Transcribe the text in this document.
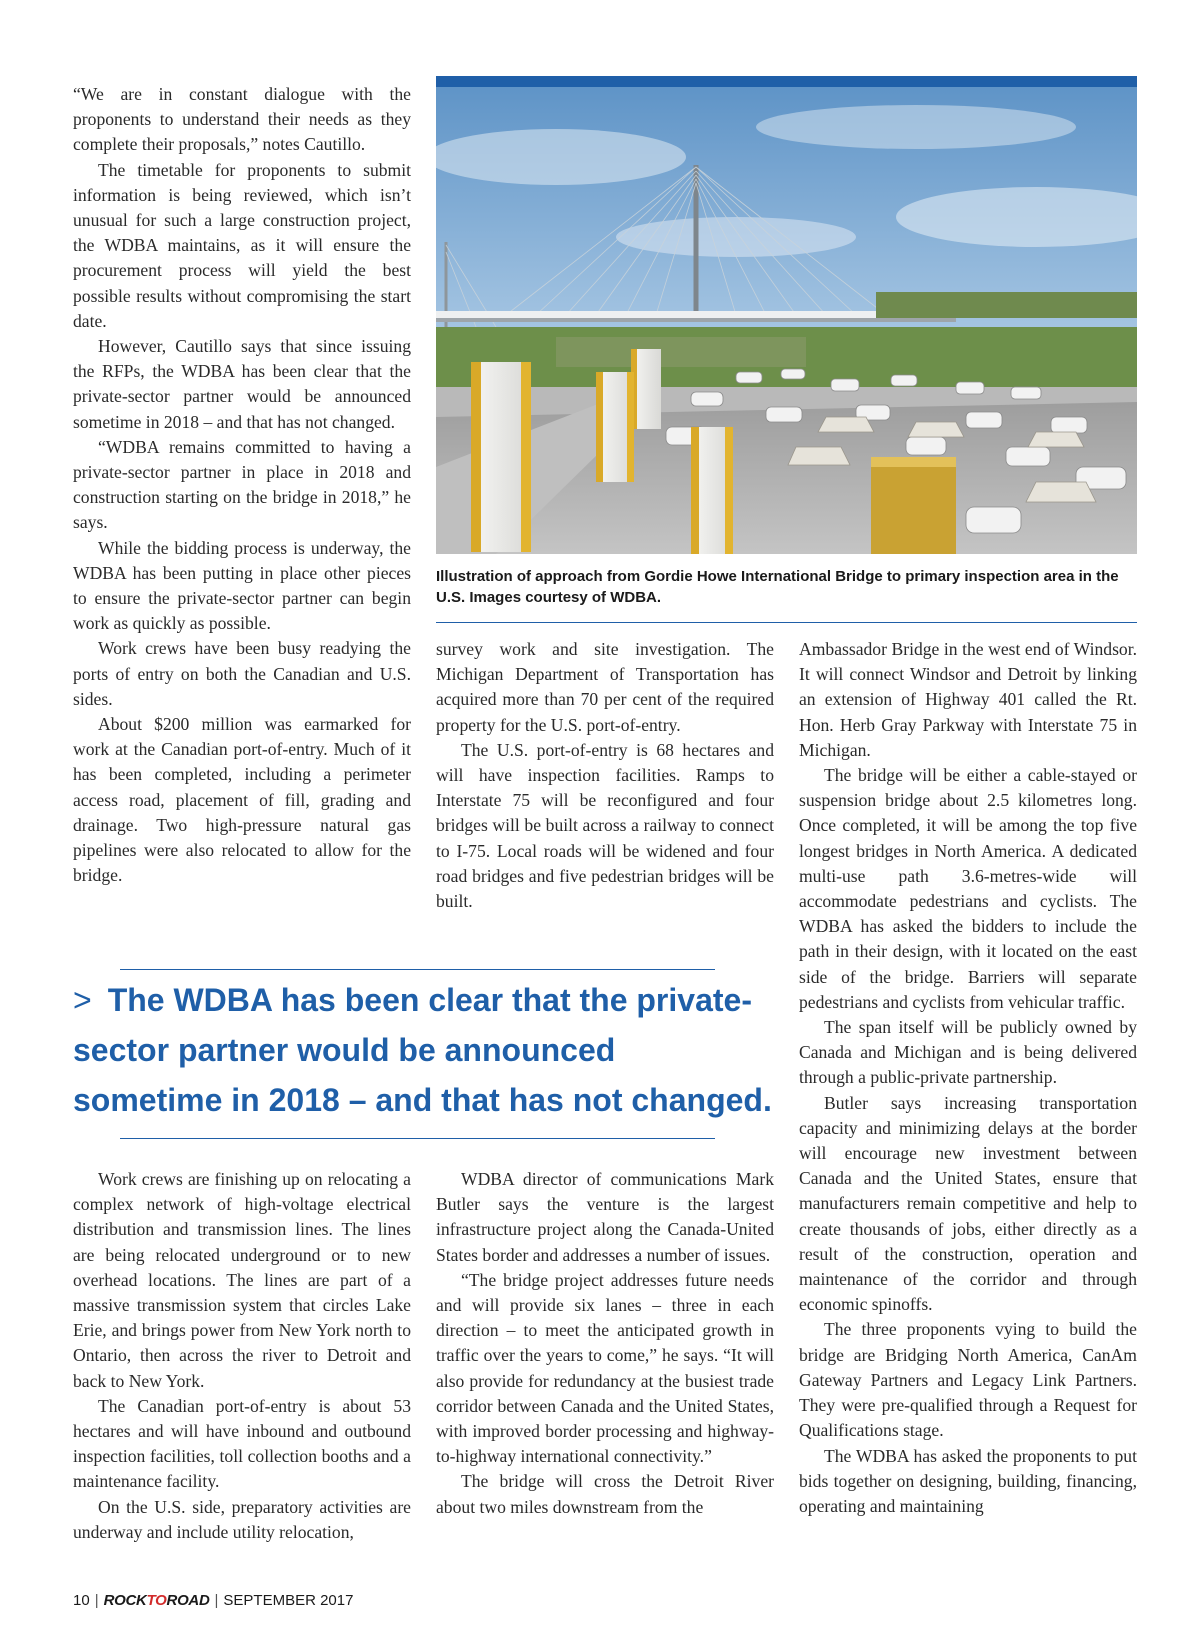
“We are in constant dialogue with the proponents to understand their needs as they complete their proposals,” notes Cautillo.

The timetable for proponents to submit information is being reviewed, which isn’t unusual for such a large construction project, the WDBA maintains, as it will ensure the procurement process will yield the best possible results without compromising the start date.

However, Cautillo says that since issuing the RFPs, the WDBA has been clear that the private-sector partner would be announced sometime in 2018 – and that has not changed.

“WDBA remains committed to having a private-sector partner in place in 2018 and construction starting on the bridge in 2018,” he says.

While the bidding process is underway, the WDBA has been putting in place other pieces to ensure the private-sector partner can begin work as quickly as possible.

Work crews have been busy readying the ports of entry on both the Canadian and U.S. sides.

About $200 million was earmarked for work at the Canadian port-of-entry. Much of it has been completed, including a perimeter access road, placement of fill, grading and drainage. Two high-pressure natural gas pipelines were also relocated to allow for the bridge.

Illustration of approach from Gordie Howe International Bridge to primary inspection area in the U.S. Images courtesy of WDBA.

survey work and site investigation. The Michigan Department of Transportation has acquired more than 70 per cent of the required property for the U.S. port-of-entry.

The U.S. port-of-entry is 68 hectares and will have inspection facilities. Ramps to Interstate 75 will be reconfigured and four bridges will be built across a railway to connect to I-75. Local roads will be widened and four road bridges and five pedestrian bridges will be built.

Ambassador Bridge in the west end of Windsor. It will connect Windsor and Detroit by linking an extension of Highway 401 called the Rt. Hon. Herb Gray Parkway with Interstate 75 in Michigan.

The bridge will be either a cable-stayed or suspension bridge about 2.5 kilometres long. Once completed, it will be among the top five longest bridges in North America. A dedicated multi-use path 3.6-metres-wide will accommodate pedestrians and cyclists. The WDBA has asked the bidders to include the path in their design, with it located on the east side of the bridge. Barriers will separate pedestrians and cyclists from vehicular traffic.

The span itself will be publicly owned by Canada and Michigan and is being delivered through a public-private partnership.

Butler says increasing transportation capacity and minimizing delays at the border will encourage new investment between Canada and the United States, ensure that manufacturers remain competitive and help to create thousands of jobs, either directly as a result of the construction, operation and maintenance of the corridor and through economic spinoffs.

The three proponents vying to build the bridge are Bridging North America, CanAm Gateway Partners and Legacy Link Partners. They were pre-qualified through a Request for Qualifications stage.

The WDBA has asked the proponents to put bids together on designing, building, financing, operating and maintaining

> The WDBA has been clear that the private-sector partner would be announced sometime in 2018 – and that has not changed.

Work crews are finishing up on relocating a complex network of high-voltage electrical distribution and transmission lines. The lines are being relocated underground or to new overhead locations. The lines are part of a massive transmission system that circles Lake Erie, and brings power from New York north to Ontario, then across the river to Detroit and back to New York.

The Canadian port-of-entry is about 53 hectares and will have inbound and outbound inspection facilities, toll collection booths and a maintenance facility.

On the U.S. side, preparatory activities are underway and include utility relocation,

WDBA director of communications Mark Butler says the venture is the largest infrastructure project along the Canada-United States border and addresses a number of issues.

“The bridge project addresses future needs and will provide six lanes – three in each direction – to meet the anticipated growth in traffic over the years to come,” he says. “It will also provide for redundancy at the busiest trade corridor between Canada and the United States, with improved border processing and highway-to-highway international connectivity.”

The bridge will cross the Detroit River about two miles downstream from the

10 | ROCKTOROAD | SEPTEMBER 2017
